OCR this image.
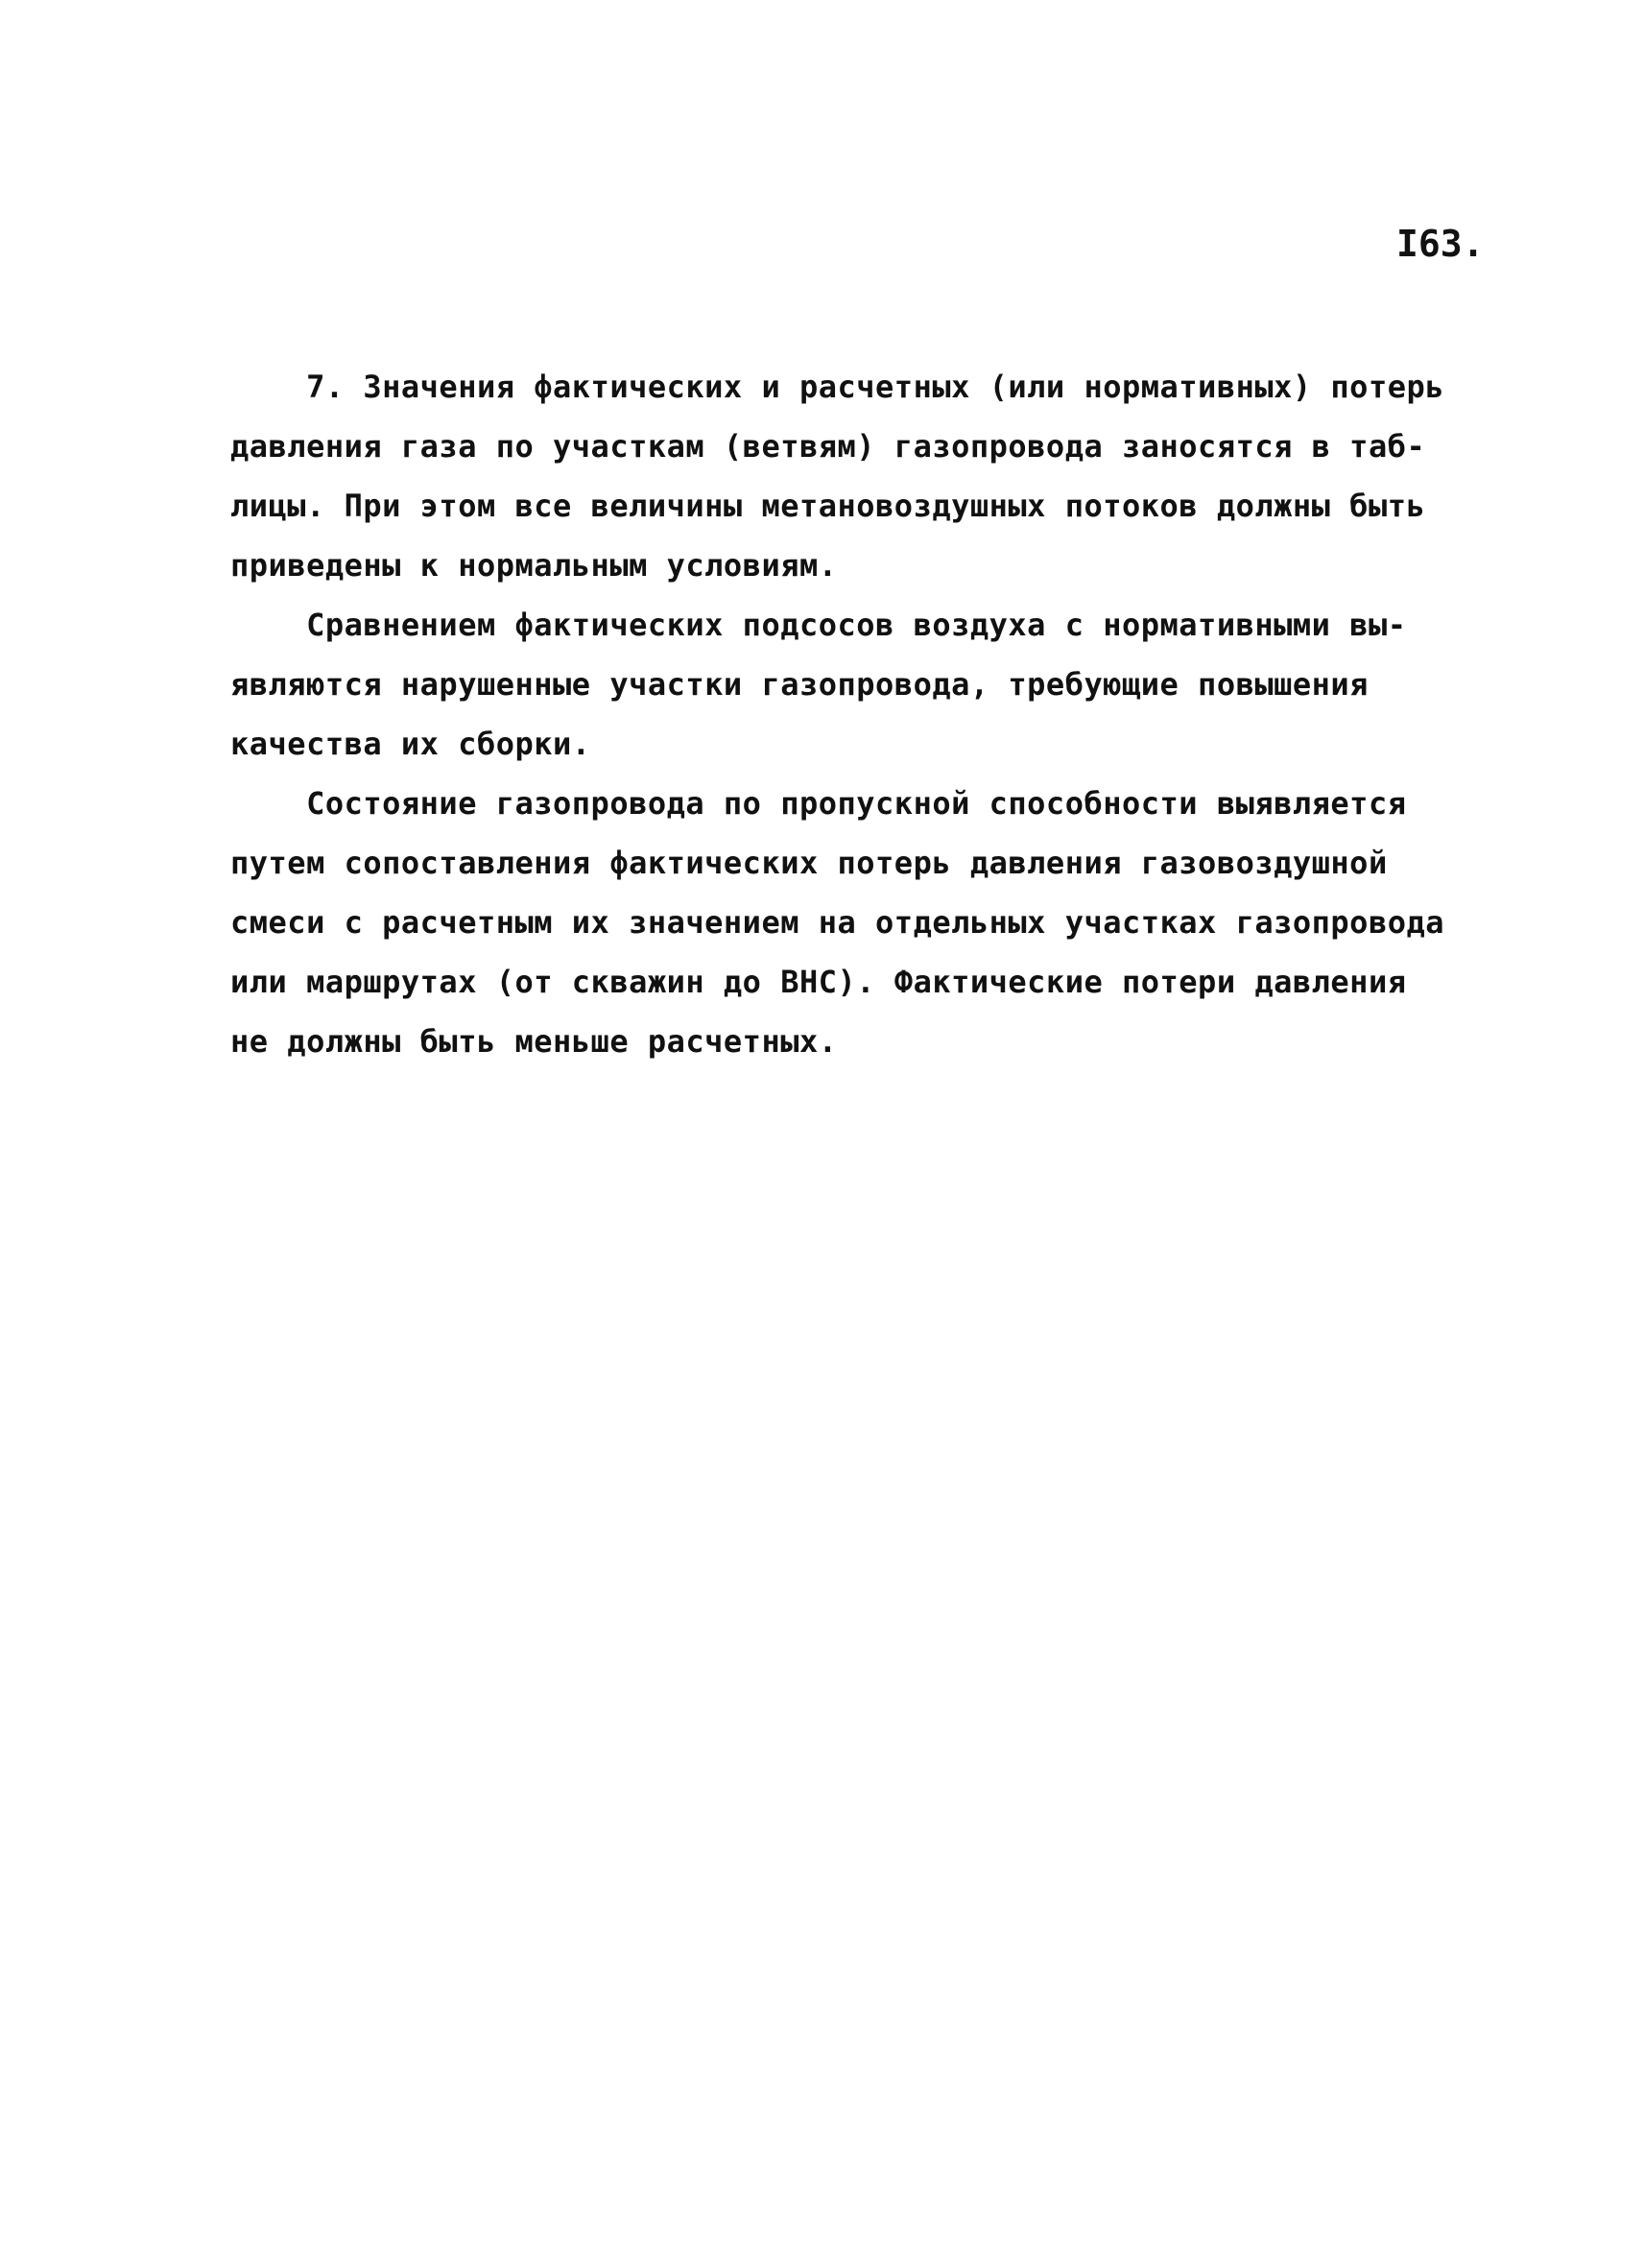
I63.
7. Значения фактических и расчетных (или нормативных) потерь
давления газа по участкам (ветвям) газопровода заносятся в таб-
лицы. При этом все величины метановоздушных потоков должны быть
приведены к нормальным условиям.
Сравнением фактических подсосов воздуха с нормативными вы-
являются нарушенные участки газопровода, требующие повышения
качества их сборки.
Состояние газопровода по пропускной способности выявляется
путем сопоставления фактических потерь давления газовоздушной
смеси с расчетным их значением на отдельных участках газопровода
или маршрутах (от скважин до ВНС). Фактические потери давления
не должны быть меньше расчетных.
